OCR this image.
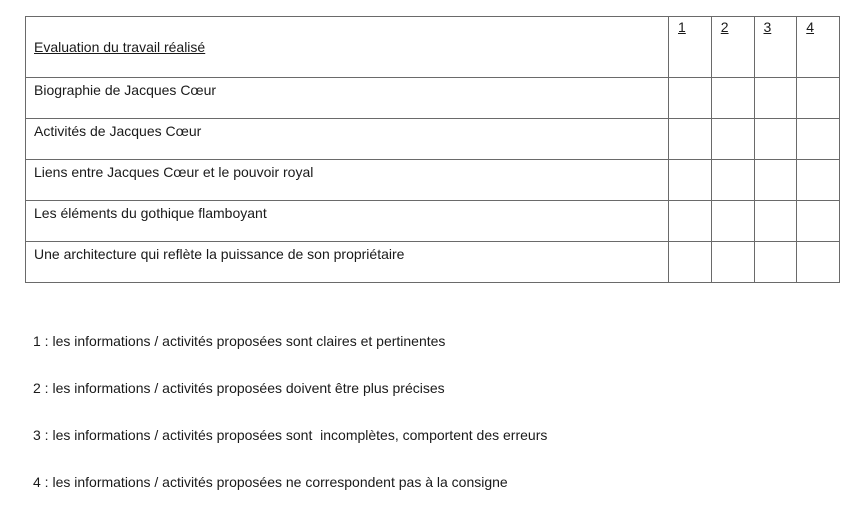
Evaluation du travail réalisé	1	2	3	4

Biographie de Jacques Cœur				

Activités de Jacques Cœur				

Liens entre Jacques Cœur et le pouvoir royal				

Les éléments du gothique flamboyant				

Une architecture qui reflète la puissance de son propriétaire				

1 : les informations / activités proposées sont claires et pertinentes
2 : les informations / activités proposées doivent être plus précises
3 : les informations / activités proposées sont  incomplètes, comportent des erreurs
4 : les informations / activités proposées ne correspondent pas à la consigne
